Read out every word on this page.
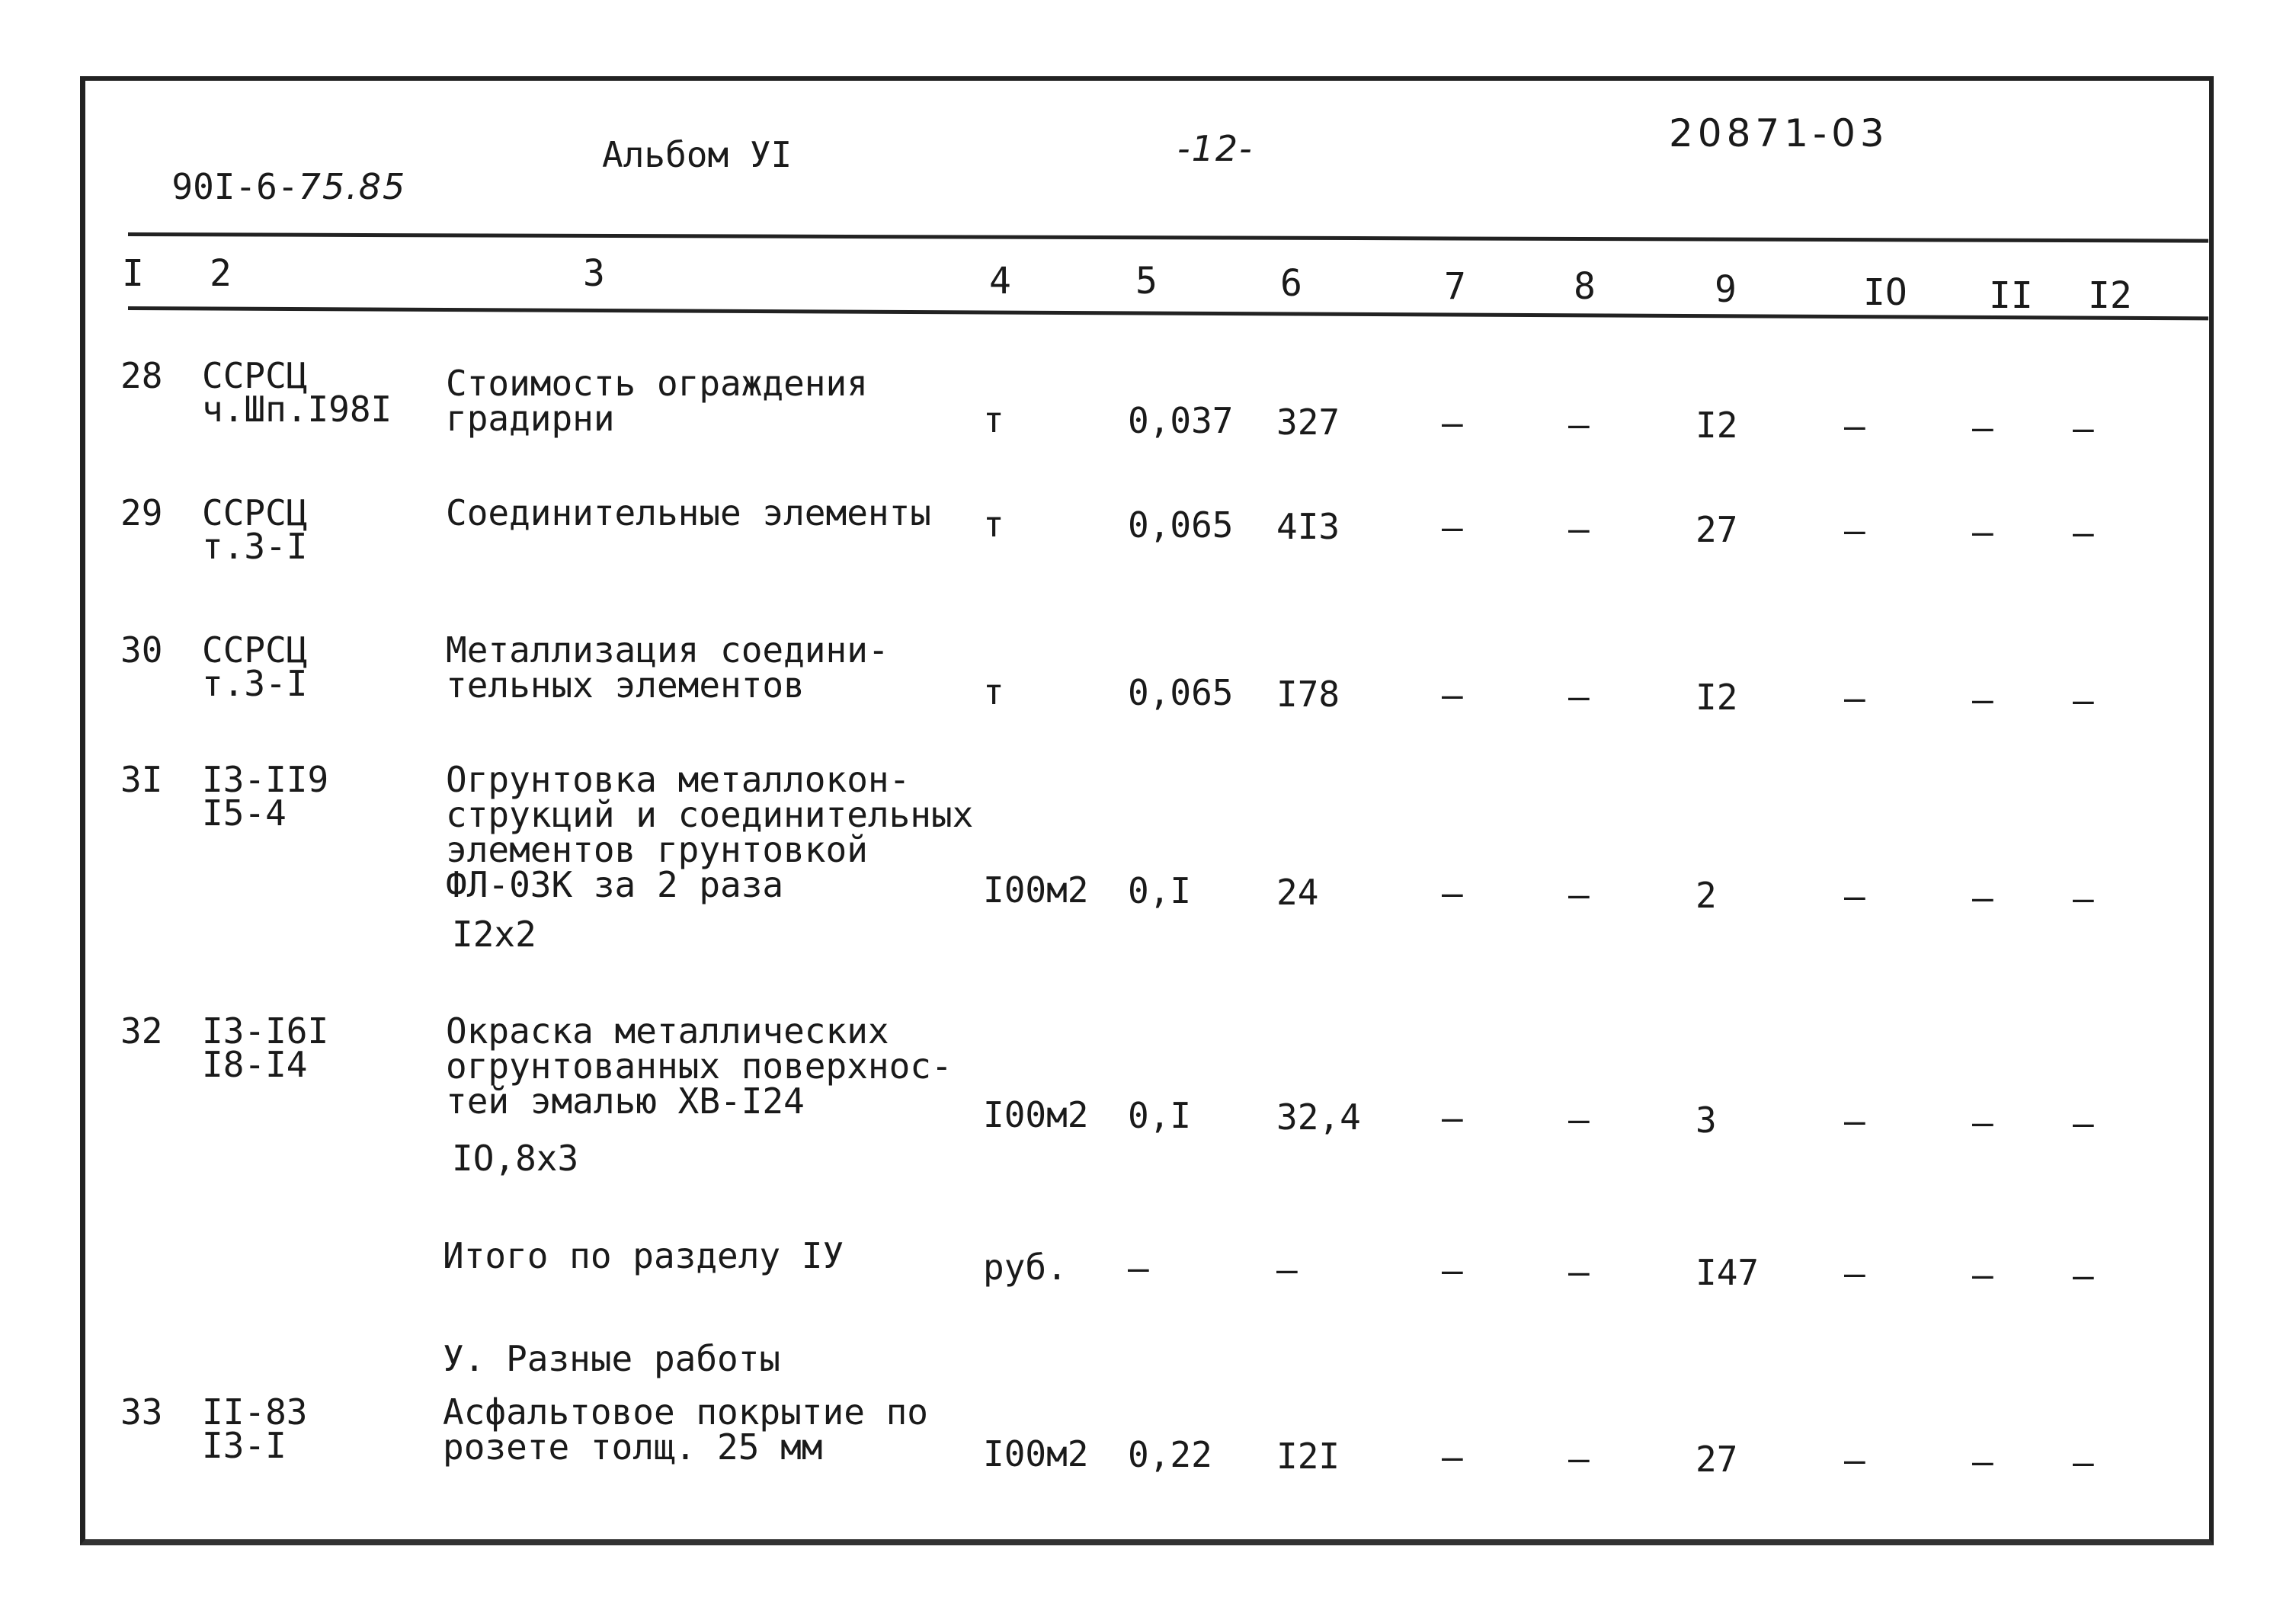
90I-6-75.85

Альбом УІ	-12-	20871-03
I 2	3	4	5	6	7	8	9	IO II I2
28 ССРСЦ
ч.Шп.I98I
Стоимость ограждения
градирни	т	0,037 327	–	–	I2	–	– –
29 ССРСЦ
т.3-I
Соединительные элементы т	0,065 4I3	–	–	27	–	– –
30 ССРСЦ
т.3-I
Металлизация соедини-
тельных элементов	т	0,065 I78	–	–	I2	–	– –
3I I3-II9
I5-4
Огрунтовка металлокон-
струкций и соединительных
элементов грунтовкой
ФЛ-03К за 2 раза
I2х2
I00м2 0,I 24	–	–	2	–	– –
32 I3-I6I
I8-I4
Окраска металлических
огрунтованных поверхнос-
тей эмалью ХВ-I24
IO,8х3
I00м2 0,I 32,4 –	–	3	–	– –
Итого по разделу IУ	руб. –	–	–	–	I47 –	– –
У. Разные работы
33 II-83
I3-I
Асфальтовое покрытие по
розете толщ. 25 мм	I00м2 0,22 I2I	–	–	27	–	– –
